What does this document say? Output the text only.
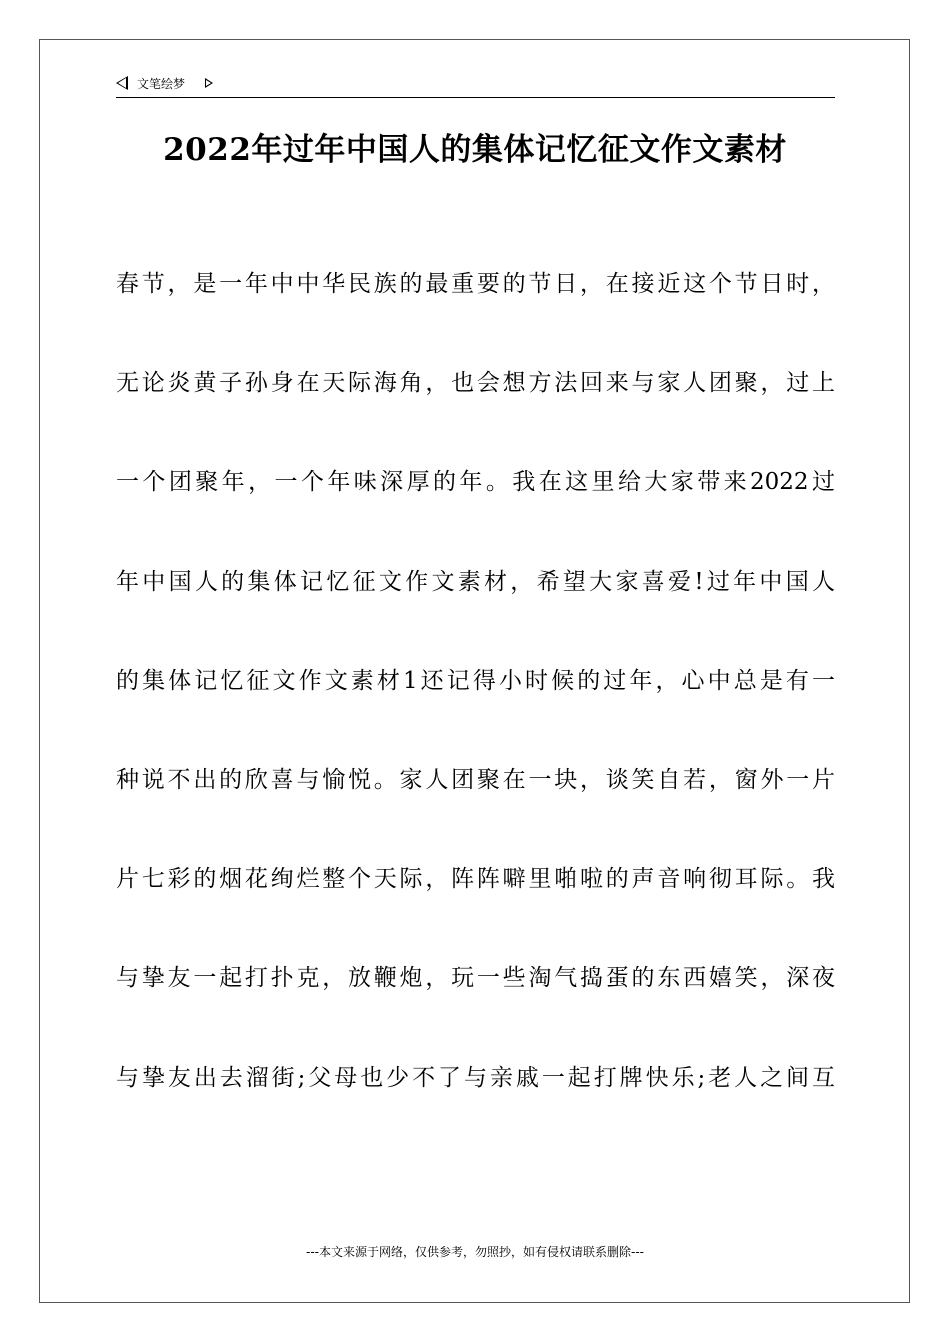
文笔绘梦
2022年过年中国人的集体记忆征文作文素材
春节，是一年中中华民族的最重要的节日，在接近这个节日时，
无论炎黄子孙身在天际海角，也会想方法回来与家人团聚，过上
一个团聚年，一个年味深厚的年。我在这里给大家带来2022过
年中国人的集体记忆征文作文素材，希望大家喜爱!过年中国人
的集体记忆征文作文素材1还记得小时候的过年，心中总是有一
种说不出的欣喜与愉悦。家人团聚在一块，谈笑自若，窗外一片
片七彩的烟花绚烂整个天际，阵阵噼里啪啦的声音响彻耳际。我
与挚友一起打扑克，放鞭炮，玩一些淘气捣蛋的东西嬉笑，深夜
与挚友出去溜街;父母也少不了与亲戚一起打牌快乐;老人之间互
---本文来源于网络，仅供参考，勿照抄，如有侵权请联系删除---
